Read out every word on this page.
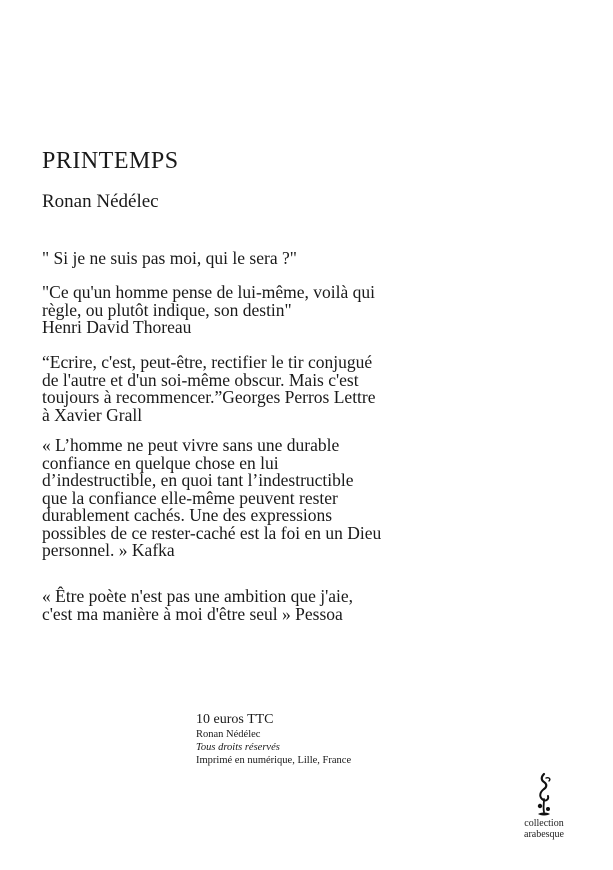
PRINTEMPS
Ronan Nédélec

" Si je ne suis pas moi, qui le sera ?"

"Ce qu'un homme pense de lui-même, voilà qui
règle, ou plutôt indique, son destin"
Henri David Thoreau

“Ecrire, c'est, peut-être, rectifier le tir conjugué
de l'autre et d'un soi-même obscur. Mais c'est
toujours à recommencer.”Georges Perros Lettre
à Xavier Grall

« L’homme ne peut vivre sans une durable
confiance en quelque chose en lui
d’indestructible, en quoi tant l’indestructible
que la confiance elle-même peuvent rester
durablement cachés. Une des expressions
possibles de ce rester-caché est la foi en un Dieu
personnel. » Kafka

« Être poète n'est pas une ambition que j'aie,
c'est ma manière à moi d'être seul » Pessoa

10 euros TTC
Ronan Nédélec
Tous droits réservés
Imprimé en numérique, Lille, France
collection
arabesque
